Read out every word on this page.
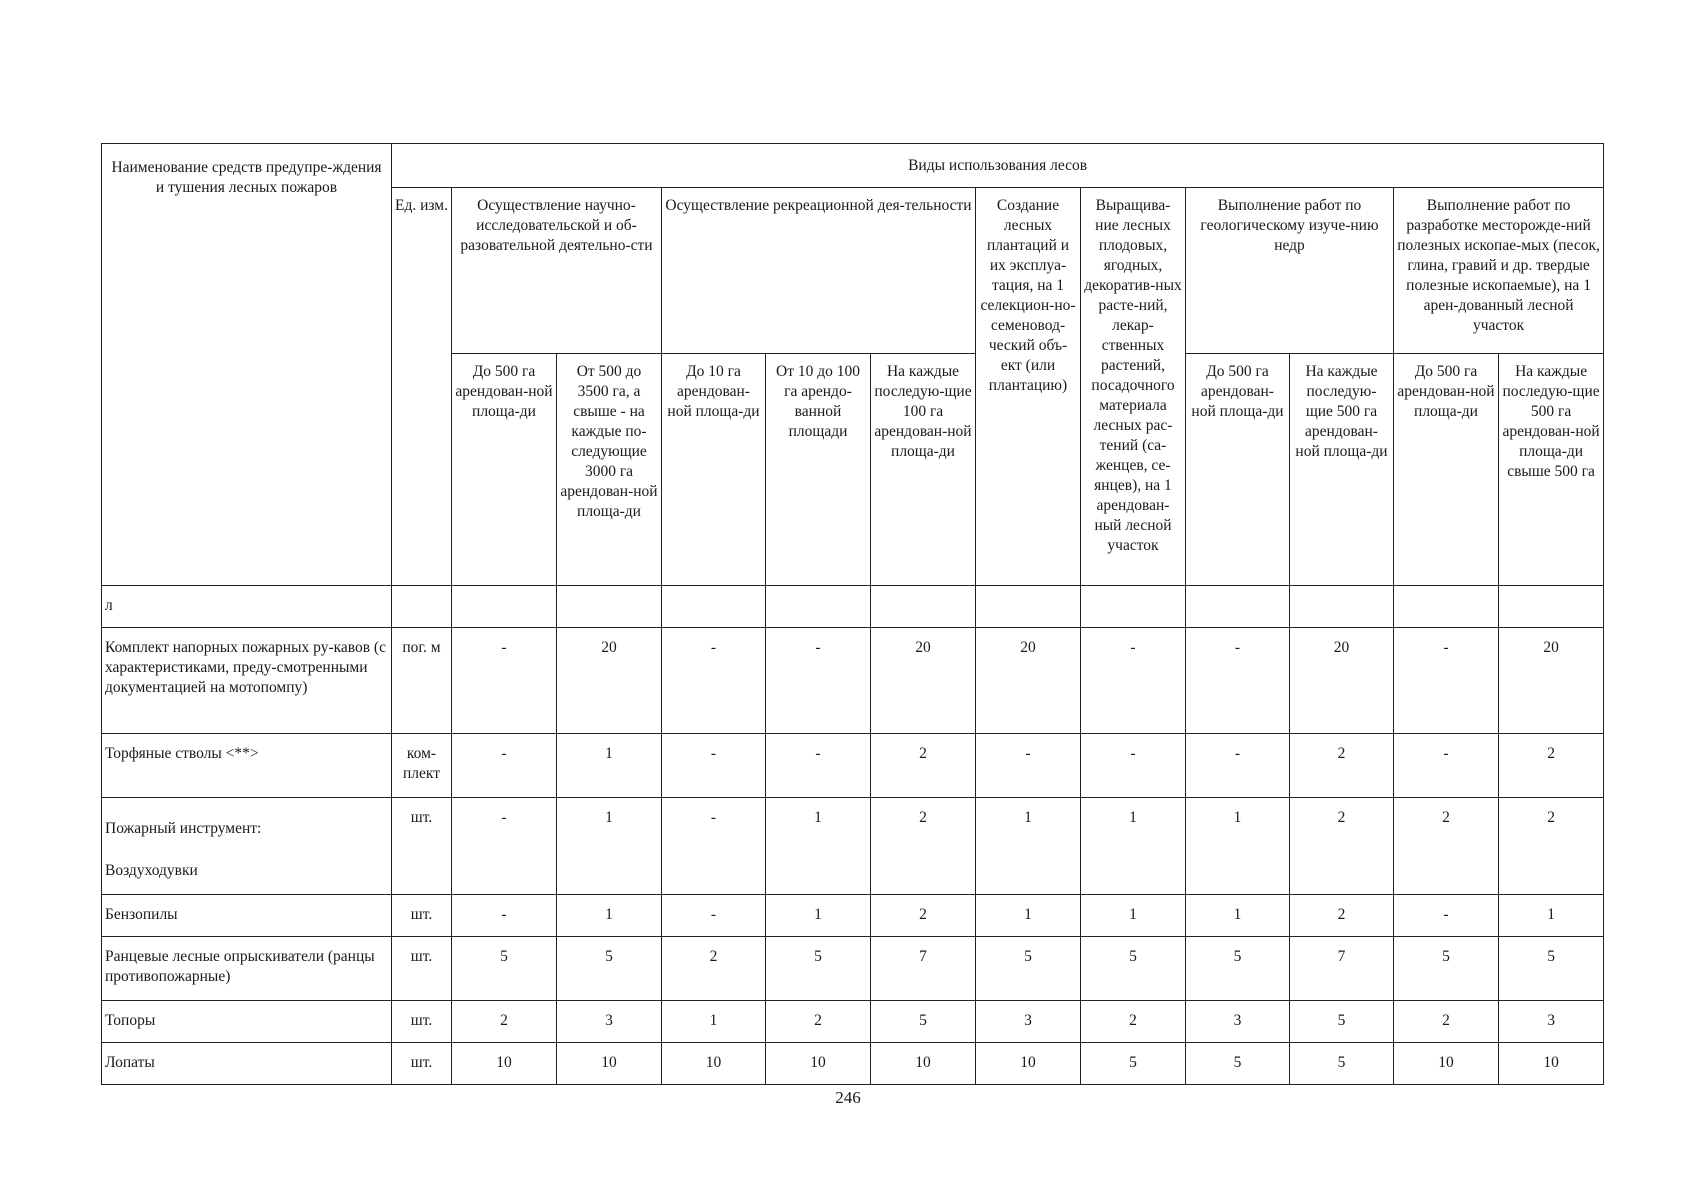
Наименование средств предупре-ждения и тушения лесных пожаров	Виды использования лесов											
	Ед. изм.	Осуществление научно-исследовательской и об-разовательной деятельно-сти		Осуществление рекреационной дея-тельности			Создание лесных плантаций и их эксплуа-тация, на 1 селекцион-но-семеновод-ческий объ-ект (или плантацию)	Выращива-ние лесных плодовых, ягодных, декоратив-ных расте-ний, лекар-ственных растений, посадочного материала лесных рас-тений (са-женцев, се-янцев), на 1 арендован-ный лесной участок	Выполнение работ по геологическому изуче-нию недр		Выполнение работ по разработке месторожде-ний полезных ископае-мых (песок, глина, гравий и др. твердые полезные ископаемые), на 1 арен-дованный лесной участок	
		До 500 га арендован-ной площа-ди	От 500 до 3500 га, а свыше - на каждые по-следующие 3000 га арендован-ной площа-ди	До 10 га арендован-ной площа-ди	От 10 до 100 га арендо-ванной площади	На каждые последую-щие 100 га арендован-ной площа-ди			До 500 га арендован-ной площа-ди	На каждые последую-щие 500 га арендован-ной площа-ди	До 500 га арендован-ной площа-ди	На каждые последую-щие 500 га арендован-ной площа-ди свыше 500 га
л												
Комплект напорных пожарных ру-кавов (с характеристиками, преду-смотренными документацией на мотопомпу)	пог. м	-	20	-	-	20	20	-	-	20	-	20
Торфяные стволы <**>	ком-плект	-	1	-	-	2	-	-	-	2	-	2

Пожарный инструмент:
Воздуходувки	шт.	-	1	-	1	2	1	1	1	2	2	2
Бензопилы	шт.	-	1	-	1	2	1	1	1	2	-	1
Ранцевые лесные опрыскиватели (ранцы противопожарные)	шт.	5	5	2	5	7	5	5	5	7	5	5
Топоры	шт.	2	3	1	2	5	3	2	3	5	2	3
Лопаты	шт.	10	10	10	10	10	10	5	5	5	10	10
246
